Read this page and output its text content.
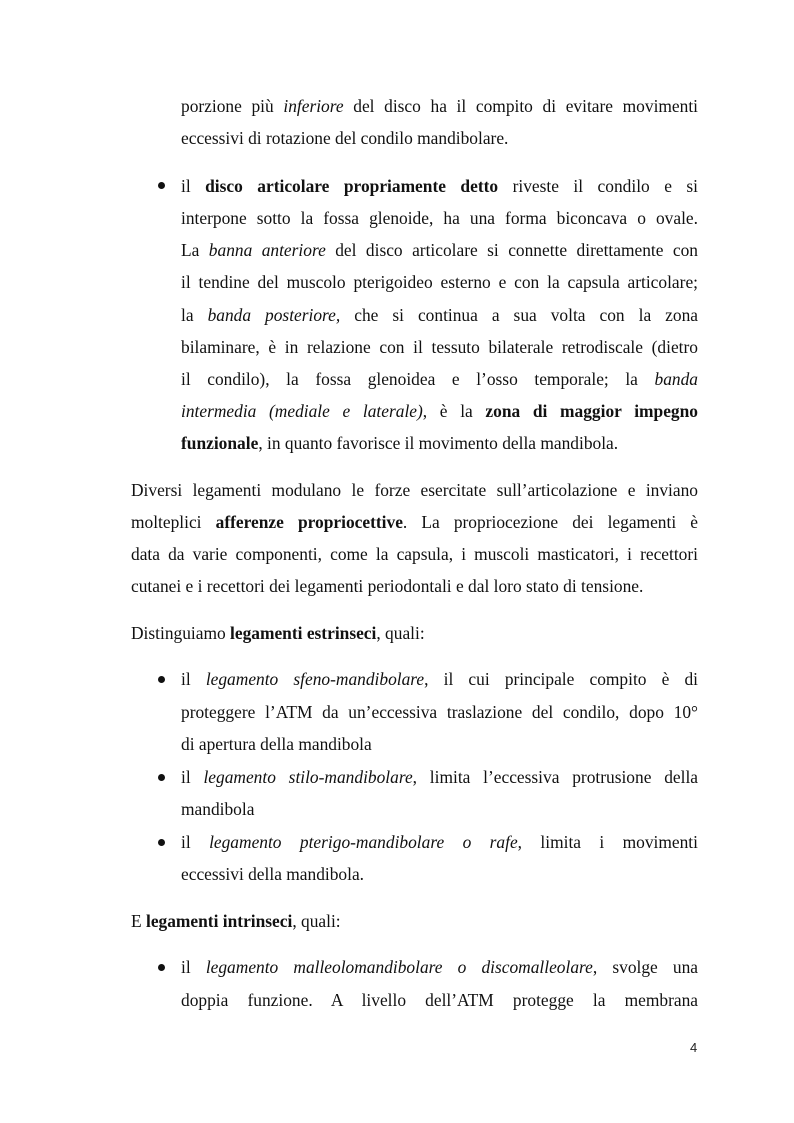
porzione più inferiore del disco ha il compito di evitare movimenti
eccessivi di rotazione del condilo mandibolare.
il disco articolare propriamente detto riveste il condilo e si
interpone sotto la fossa glenoide, ha una forma biconcava o ovale.
La banna anteriore del disco articolare si connette direttamente con
il tendine del muscolo pterigoideo esterno e con la capsula articolare;
la banda posteriore, che si continua a sua volta con la zona
bilaminare, è in relazione con il tessuto bilaterale retrodiscale (dietro
il condilo), la fossa glenoidea e l’osso temporale; la banda
intermedia (mediale e laterale), è la zona di maggior impegno
funzionale, in quanto favorisce il movimento della mandibola.
Diversi legamenti modulano le forze esercitate sull’articolazione e inviano
molteplici afferenze propriocettive. La propriocezione dei legamenti è
data da varie componenti, come la capsula, i muscoli masticatori, i recettori
cutanei e i recettori dei legamenti periodontali e dal loro stato di tensione.
Distinguiamo legamenti estrinseci, quali:
il legamento sfeno-mandibolare, il cui principale compito è di
proteggere l’ATM da un’eccessiva traslazione del condilo, dopo 10°
di apertura della mandibola
il legamento stilo-mandibolare, limita l’eccessiva protrusione della
mandibola
il legamento pterigo-mandibolare o rafe, limita i movimenti
eccessivi della mandibola.
E legamenti intrinseci, quali:
il legamento malleolomandibolare o discomalleolare, svolge una
doppia funzione. A livello dell’ATM protegge la membrana
4
